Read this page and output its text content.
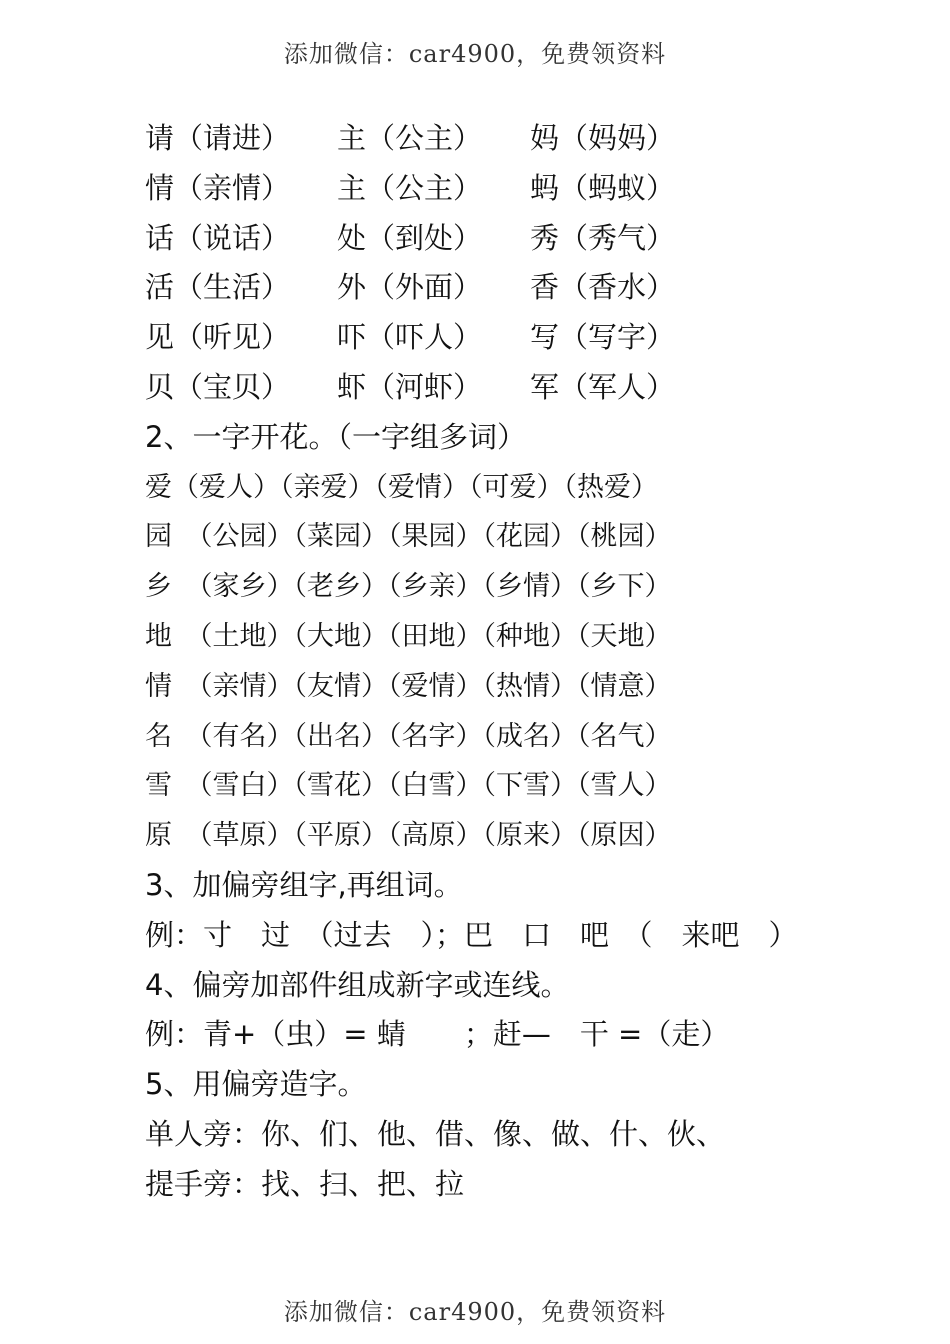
添加微信：car4900，免费领资料
请（请进） 主（公主） 妈（妈妈）
情（亲情） 主（公主） 蚂（蚂蚁）
话（说话） 处（到处） 秀（秀气）
活（生活） 外（外面） 香（香水）
见（听见） 吓（吓人） 写（写字）
贝（宝贝） 虾（河虾） 军（军人）
2、一字开花。（一字组多词）
爱（爱人）（亲爱）（爱情）（可爱）（热爱）
园　（公园）（菜园）（果园）（花园）（桃园）
乡　（家乡）（老乡）（乡亲）（乡情）（乡下）
地　（土地）（大地）（田地）（种地）（天地）
情　（亲情）（友情）（爱情）（热情）（情意）
名　（有名）（出名）（名字）（成名）（名气）
雪　（雪白）（雪花）（白雪）（下雪）（雪人）
原　（草原）（平原）（高原）（原来）（原因）
3、加偏旁组字,再组词。
例：寸　过　（过去　）；巴　口　吧　（　来吧　）
4、偏旁加部件组成新字或连线。
例：青+（虫）= 蜻　　；赶—　干 =（走）
5、用偏旁造字。
单人旁：你、们、他、借、像、做、什、伙、
提手旁：找、扫、把、拉
添加微信：car4900，免费领资料
